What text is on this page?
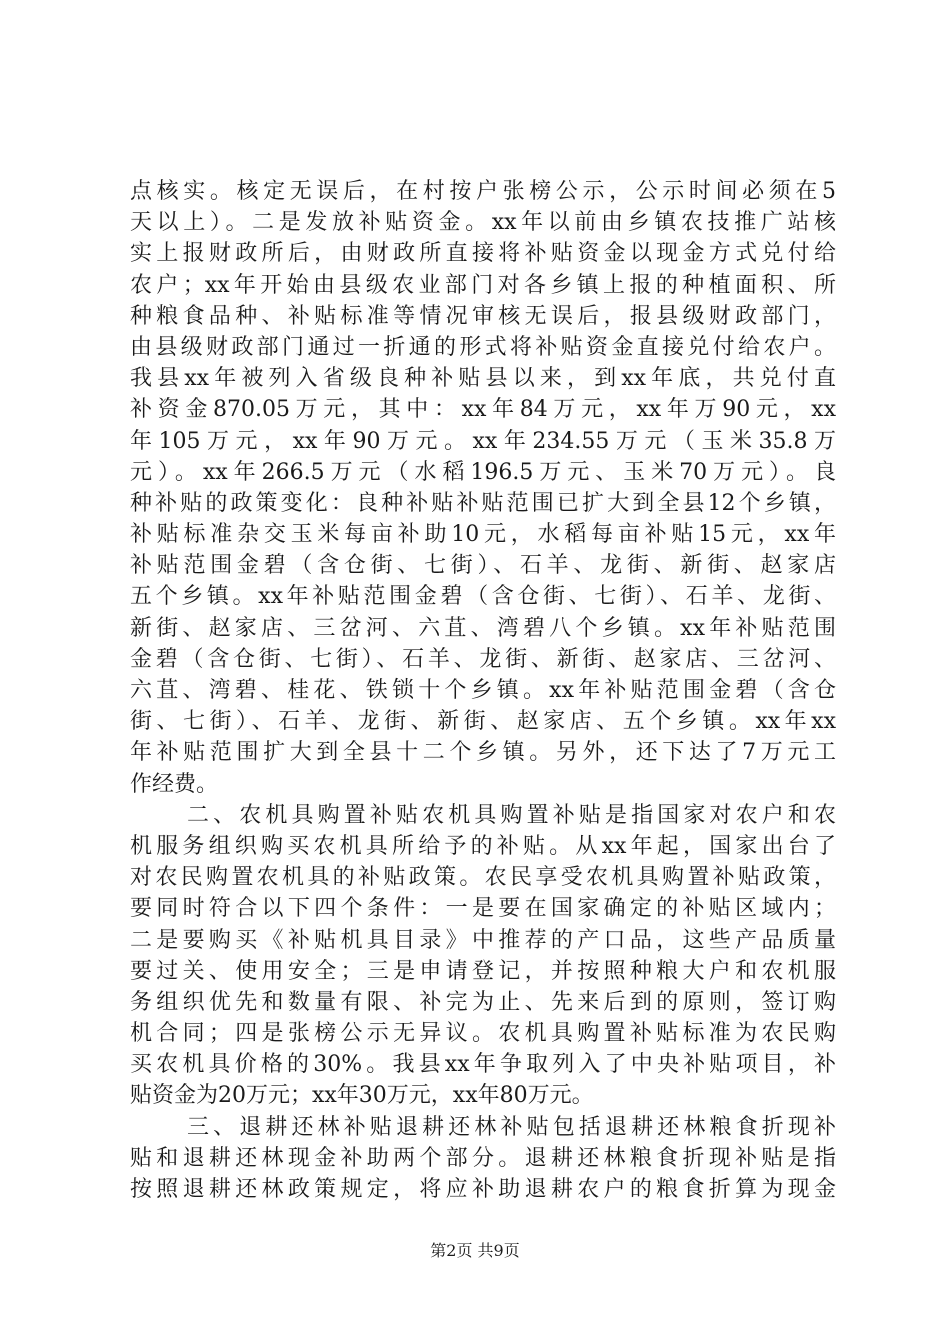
点核实。核定无误后，在村按户张榜公示，公示时间必须在5
天以上）。二是发放补贴资金。xx年以前由乡镇农技推广站核
实上报财政所后，由财政所直接将补贴资金以现金方式兑付给
农户；xx年开始由县级农业部门对各乡镇上报的种植面积、所
种粮食品种、补贴标准等情况审核无误后，报县级财政部门，
由县级财政部门通过一折通的形式将补贴资金直接兑付给农户。
我县xx年被列入省级良种补贴县以来，到xx年底，共兑付直
补资金870.05万元，其中：xx年84万元，xx年万90元，xx
年105万元，xx年90万元。xx年234.55万元（玉米35.8万
元）。xx年266.5万元（水稻196.5万元、玉米70万元）。良
种补贴的政策变化：良种补贴补贴范围已扩大到全县12个乡镇，
补贴标准杂交玉米每亩补助10元，水稻每亩补贴15元，xx年
补贴范围金碧（含仓街、七街）、石羊、龙街、新街、赵家店
五个乡镇。xx年补贴范围金碧（含仓街、七街）、石羊、龙街、
新街、赵家店、三岔河、六苴、湾碧八个乡镇。xx年补贴范围
金碧（含仓街、七街）、石羊、龙街、新街、赵家店、三岔河、
六苴、湾碧、桂花、铁锁十个乡镇。xx年补贴范围金碧（含仓
街、七街）、石羊、龙街、新街、赵家店、五个乡镇。xx年xx
年补贴范围扩大到全县十二个乡镇。另外，还下达了7万元工
作经费。
二、农机具购置补贴农机具购置补贴是指国家对农户和农
机服务组织购买农机具所给予的补贴。从xx年起，国家出台了
对农民购置农机具的补贴政策。农民享受农机具购置补贴政策，
要同时符合以下四个条件：一是要在国家确定的补贴区域内；
二是要购买《补贴机具目录》中推荐的产口品，这些产品质量
要过关、使用安全；三是申请登记，并按照种粮大户和农机服
务组织优先和数量有限、补完为止、先来后到的原则，签订购
机合同；四是张榜公示无异议。农机具购置补贴标准为农民购
买农机具价格的30%。我县xx年争取列入了中央补贴项目，补
贴资金为20万元；xx年30万元，xx年80万元。
三、退耕还林补贴退耕还林补贴包括退耕还林粮食折现补
贴和退耕还林现金补助两个部分。退耕还林粮食折现补贴是指
按照退耕还林政策规定，将应补助退耕农户的粮食折算为现金
第2页 共9页
